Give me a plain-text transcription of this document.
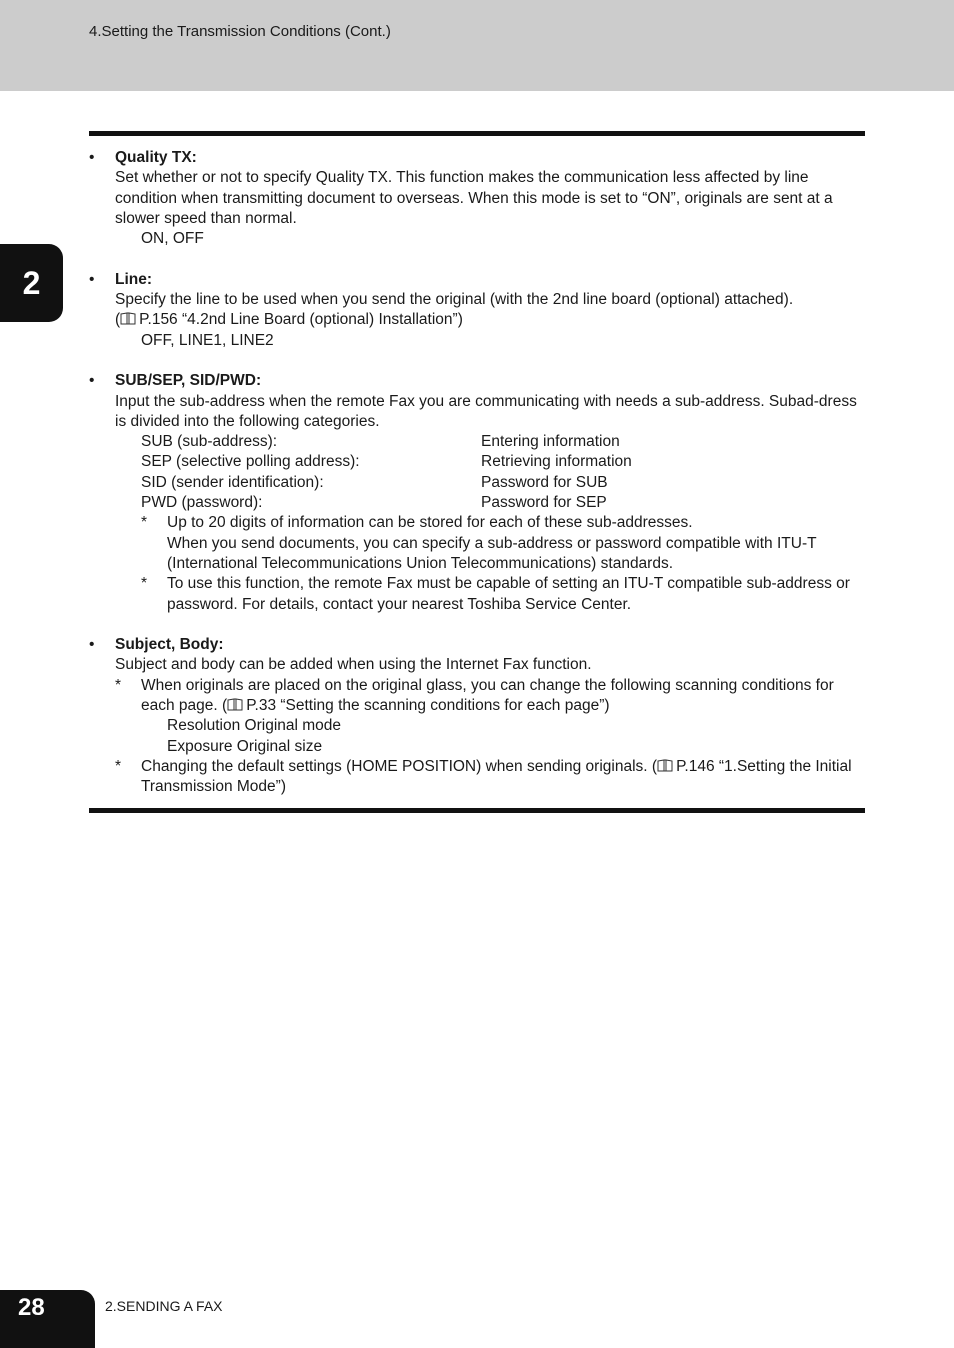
4.Setting the Transmission Conditions (Cont.)
2
• Quality TX:
Set whether or not to specify Quality TX. This function makes the communication less affected by line condition when transmitting document to overseas. When this mode is set to “ON”, originals are sent at a slower speed than normal.
ON, OFF
• Line:
Specify the line to be used when you send the original (with the 2nd line board (optional) attached).
( P.156 “4.2nd Line Board (optional) Installation”)
OFF, LINE1, LINE2
• SUB/SEP, SID/PWD:
Input the sub-address when the remote Fax you are communicating with needs a sub-address. Subad-dress is divided into the following categories.
SUB (sub-address):	Entering information
SEP (selective polling address):	Retrieving information
SID (sender identification):	Password for SUB
PWD (password):	Password for SEP
* Up to 20 digits of information can be stored for each of these sub-addresses.
When you send documents, you can specify a sub-address or password compatible with ITU-T (International Telecommunications Union Telecommunications) standards.
* To use this function, the remote Fax must be capable of setting an ITU-T compatible sub-address or password. For details, contact your nearest Toshiba Service Center.
• Subject, Body:
Subject and body can be added when using the Internet Fax function.
* When originals are placed on the original glass, you can change the following scanning conditions for each page. ( P.33 “Setting the scanning conditions for each page”)
Resolution Original mode
Exposure Original size
* Changing the default settings (HOME POSITION) when sending originals. ( P.146 “1.Setting the Initial Transmission Mode”)
28	2.SENDING A FAX
